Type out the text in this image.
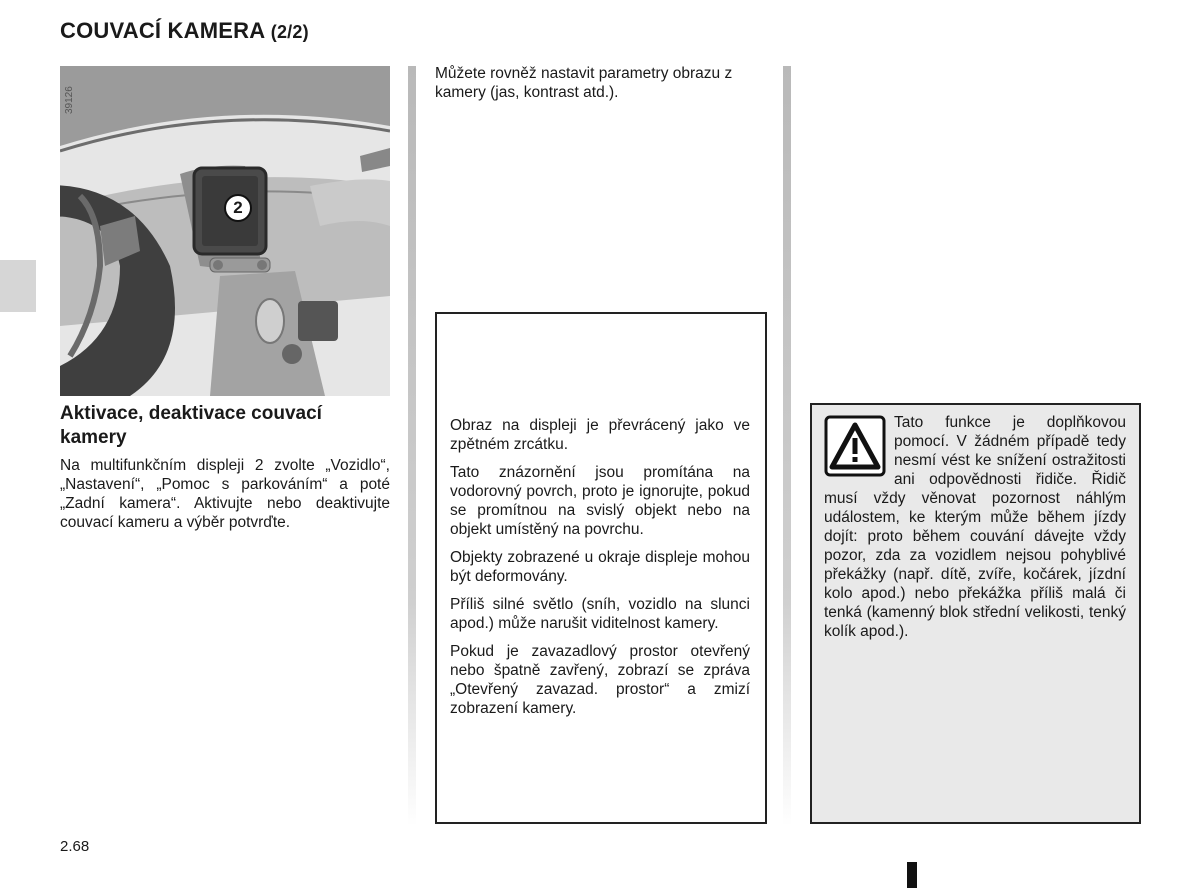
COUVACÍ KAMERA (2/2)
2
39126
Aktivace, deaktivace couvací kamery
Na multifunkčním displeji 2 zvolte „Vozidlo“, „Nastavení“, „Pomoc s parkováním“ a poté „Zadní kamera“. Aktivujte nebo deaktivujte couvací kameru a výběr potvrďte.
Můžete rovněž nastavit parametry obrazu z kamery (jas, kontrast atd.).

Obraz na displeji je převrácený jako ve zpětném zrcátku.

Tato znázornění jsou promítána na vodorovný povrch, proto je ignorujte, pokud se promítnou na svislý objekt nebo na objekt umístěný na povrchu.

Objekty zobrazené u okraje displeje mohou být deformovány.

Příliš silné světlo (sníh, vozidlo na slunci apod.) může narušit viditelnost kamery.

Pokud je zavazadlový prostor otevřený nebo špatně zavřený, zobrazí se zpráva „Otevřený zavazad. prostor“ a zmizí zobrazení kamery.

Tato funkce je doplňkovou pomocí. V žádném případě tedy nesmí vést ke snížení ostražitosti ani odpovědnosti řidiče. Řidič musí vždy věnovat pozornost náhlým událostem, ke kterým může během jízdy dojít: proto během couvání dávejte vždy pozor, zda za vozidlem nejsou pohyblivé překážky (např. dítě, zvíře, kočárek, jízdní kolo apod.) nebo překážka příliš malá či tenká (kamenný blok střední velikosti, tenký kolík apod.).
2.68
